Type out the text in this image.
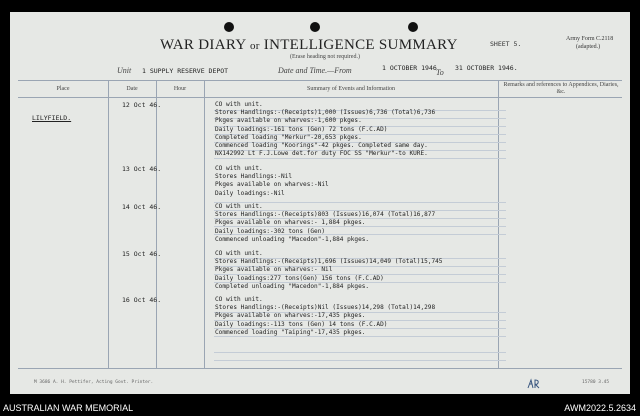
WAR DIARY or INTELLIGENCE SUMMARY
(Erase heading not required.)
SHEET 5.
Army Form C.2118
(adapted.)
Unit 1 SUPPLY RESERVE DEPOT	Date and Time.—From	1 OCTOBER 1946 To 31 OCTOBER 1946.
Place	Date	Hour	Summary of Events and Information
Remarks and references to Appendices, Diaries, &c.
LILYFIELD.
12 Oct 46.	CO with unit.
Stores Handlings:-(Receipts)1,000 (Issues)6,736 (Total)6,736
Pkges available on wharves:-1,600 pkges.
Daily loadings:-161 tons (Gen) 72 tons (F.C.AD)
Completed loading "Merkur"-20,653 pkges.
Commenced loading "Koorings"-42 pkges. Completed same day.
NX142992 Lt F.J.Lowe det.for duty FOC SS "Merkur"-to KURE.
13 Oct 46.	CO with unit.
Stores Handlings:-Nil
Pkges available on wharves:-Nil
Daily loadings:-Nil
14 Oct 46.	CO with unit.
Stores Handlings:-(Receipts)803 (Issues)16,074 (Total)16,877
Pkges available on wharves:- 1,884 pkges.
Daily loadings:-302 tons (Gen)
Commenced unloading "Macedon"-1,884 pkges.
15 Oct 46.	CO with unit.
Stores Handlings:-(Receipts)1,696 (Issues)14,049 (Total)15,745
Pkges available on wharves:- Nil
Daily loadings:277 tons(Gen) 156 tons (F.C.AD)
Completed unloading "Macedon"-1,884 pkges.
16 Oct 46.	CO with unit.
Stores Handlings:-(Receipts)Nil (Issues)14,298 (Total)14,298
Pkges available on wharves:-17,435 pkges.
Daily loadings:-113 tons (Gen) 14 tons (F.C.AD)
Commenced loading "Taiping"-17,435 pkges.
M 3686 A. H. Pettifer, Acting Govt. Printer.	15780 3.45
AUSTRALIAN WAR MEMORIAL	AWM2022.5.2634
